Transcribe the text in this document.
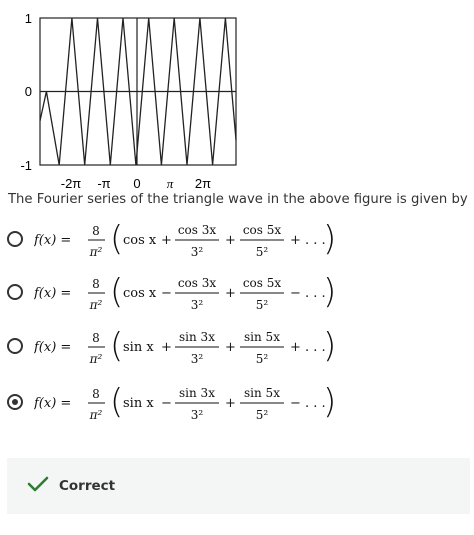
1
0
-1
-2π -π 0 π 2π
The Fourier series of the triangle wave in the above figure is given by
f(x) =
8
π² ( cos x +
cos 3x
3²
+
cos 5x
5²
+ . . .
)
f(x) =
8
π² ( cos x −
cos 3x
3²
+
cos 5x
5²
− . . .
)
f(x) =
8
π² ( sin x +
sin 3x
3²
+
sin 5x
5²
+ . . .
)
f(x) =
8
π² ( sin x −
sin 3x
3²
+
sin 5x
5²
− . . .
)
Correct
